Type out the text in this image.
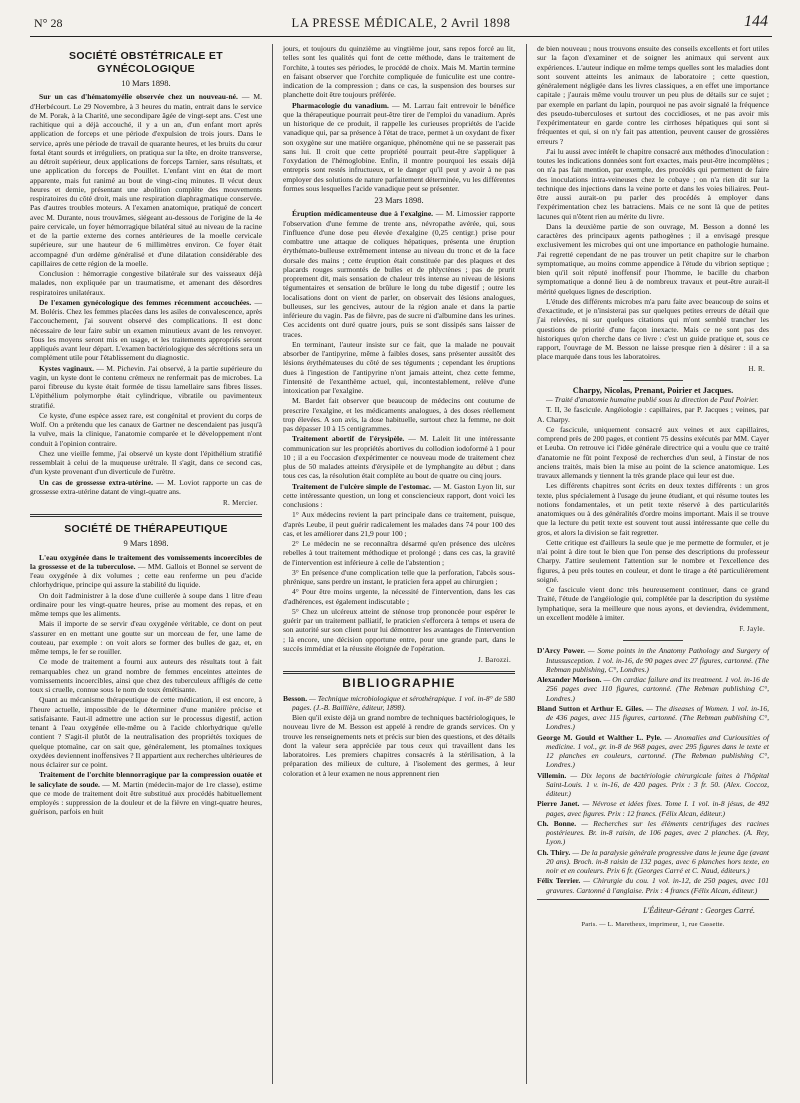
N° 28	LA PRESSE MÉDICALE, 2 Avril 1898	144
SOCIÉTÉ OBSTÉTRICALE ET GYNÉCOLOGIQUE
10 Mars 1898.

Sur un cas d'hématomyélie observée chez un nouveau-né. — M. d'Herbécourt. Le 29 Novembre, à 3 heures du matin, entrait dans le service de M. Porak, à la Charité, une secondipare âgée de vingt-sept ans. C'est une rachitique qui a déjà accouché, il y a un an, d'un enfant mort après application de forceps et une période d'expulsion de trois jours. Dans le service, après une période de travail de quarante heures, et les bruits du cœur fœtal étant sourds et irréguliers, on pratiqua sur la tête, en droite transverse, au détroit supérieur, deux applications de forceps Tarnier, sans résultats, et une application du forceps de Pouillet. L'enfant vint en état de mort apparente, mais fut ranimé au bout de vingt-cinq minutes. Il vécut deux heures et demie, présentant une abolition complète des mouvements respiratoires du côté droit, mais une respiration diaphragmatique conservée. Pas d'autres troubles moteurs. A l'examen anatomique, pratiqué de concert avec M. Durante, nous trouvâmes, siégeant au-dessous de l'origine de la 4e paire cervicale, un foyer hémorragique bilatéral situé au niveau de la racine et de la partie externe des cornes antérieures de la moelle cervicale supérieure, sur une hauteur de 6 millimètres environ. Ce foyer était accompagné d'un œdème généralisé et d'une dilatation considérable des capillaires de cette région de la moelle.

Conclusion : hémorragie congestive bilatérale sur des vaisseaux déjà malades, non expliquée par un traumatisme, et amenant des désordres respiratoires unilatéraux.

De l'examen gynécologique des femmes récemment accouchées. — M. Boléris. Chez les femmes placées dans les asiles de convalescence, après l'accouchement, j'ai souvent observé des complications. Il est donc nécessaire de leur faire subir un examen minutieux avant de les renvoyer. Tous les moyens seront mis en usage, et les traitements appropriés seront appliqués avant leur départ. L'examen bactériologique des sécrétions sera un complément utile pour l'établissement du diagnostic.

Kystes vaginaux. — M. Pichevin. J'ai observé, à la partie supérieure du vagin, un kyste dont le contenu crémeux ne renfermait pas de microbes. La paroi fibreuse du kyste était formée de tissu lamellaire sans fibres lisses. L'épithélium polymorphe était cylindrique, vibratile ou pavimenteux stratifié.

Ce kyste, d'une espèce assez rare, est congénital et provient du corps de Wolf. On a prétendu que les canaux de Gartner ne descendaient pas jusqu'à la vulve, mais la clinique, l'anatomie comparée et le développement n'ont conduit à l'opinion contraire.

Chez une vieille femme, j'ai observé un kyste dont l'épithélium stratifié ressemblait à celui de la muqueuse urétrale. Il s'agit, dans ce second cas, d'un kyste provenant d'un diverticule de l'urètre.

Un cas de grossesse extra-utérine. — M. Loviot rapporte un cas de grossesse extra-utérine datant de vingt-quatre ans.

R. Mercier.
SOCIÉTÉ DE THÉRAPEUTIQUE
9 Mars 1898.

L'eau oxygénée dans le traitement des vomissements incoercibles de la grossesse et de la tuberculose. — MM. Gallois et Bonnel se servent de l'eau oxygénée à dix volumes ; cette eau renferme un peu d'acide chlorhydrique, principe qui assure la stabilité du liquide.

On doit l'administrer à la dose d'une cuillerée à soupe dans 1 litre d'eau ordinaire pour les vingt-quatre heures, prise au moment des repas, et en même temps que les aliments.

Mais il importe de se servir d'eau oxygénée véritable, ce dont on peut s'assurer en en mettant une goutte sur un morceau de fer, une lame de couteau, par exemple : on voit alors se former des bulles de gaz, et, en même temps, le fer se rouiller.

Ce mode de traitement a fourni aux auteurs des résultats tout à fait remarquables chez un grand nombre de femmes enceintes atteintes de vomissements incoercibles, ainsi que chez des tuberculeux affligés de cette toux si cruelle, connue sous le nom de toux émétisante.

Quant au mécanisme thérapeutique de cette médication, il est encore, à l'heure actuelle, impossible de le déterminer d'une manière précise et satisfaisante. Faut-il admettre une action sur le processus digestif, action tenant à l'eau oxygénée elle-même ou à l'acide chlorhydrique qu'elle contient ? S'agit-il plutôt de la neutralisation des propriétés toxiques de quelque ptomaïne, car on sait que, généralement, les ptomaïnes toxiques oxydées deviennent inoffensives ? Il appartient aux recherches ultérieures de nous éclairer sur ce point.

Traitement de l'orchite blennorragique par la compression ouatée et le salicylate de soude. — M. Martin (médecin-major de 1re classe), estime que ce mode de traitement doit être substitué aux procédés habituellement employés : suppression de la douleur et de la fièvre en vingt-quatre heures, guérison, parfois en huit

jours, et toujours du quinzième au vingtième jour, sans repos forcé au lit, telles sont les qualités qui font de cette méthode, dans le traitement de l'orchite, à toutes ses périodes, le procédé de choix. Mais M. Martin termine en faisant observer que l'orchite compliquée de funiculite est une contre-indication de la compression ; dans ce cas, la suspension des bourses sur planchette doit être toujours préférée.

Pharmacologie du vanadium. — M. Larrau fait entrevoir le bénéfice que la thérapeutique pourrait peut-être tirer de l'emploi du vanadium. Après un historique de ce produit, il rappelle les curieuses propriétés de l'acide vanadique qui, par sa présence à l'état de trace, permet à un oxydant de fixer son oxygène sur une matière organique, phénomène qui ne se passerait pas sans lui. Il croit que cette propriété pourrait peut-être s'appliquer à l'oxydation de l'hémoglobine. Enfin, il montre pourquoi les essais déjà entrepris sont restés infructueux, et le danger qu'il peut y avoir à ne pas employer des solutions de nature parfaitement déterminée, vu les différentes formes sous lesquelles l'acide vanadique peut se présenter.

23 Mars 1898.

Éruption médicamenteuse due à l'exalgine. — M. Limossier rapporte l'observation d'une femme de trente ans, névropathe avérée, qui, sous l'influence d'une dose peu élevée d'exalgine (0,25 centigr.) prise pour combattre une attaque de coliques hépatiques, présenta une éruption érythémato-bulleuse extrêmement intense au niveau du tronc et de la face dorsale des mains ; cette éruption était constituée par des plaques et des placards rouges surmontés de bulles et de phlyctènes ; pas de prurit proprement dit, mais sensation de chaleur très intense au niveau de lésions tégumentaires et sensation de brûlure le long du tube digestif ; outre les localisations dont on vient de parler, on observait des lésions analogues, bulleuses, sur les gencives, autour de la région anale et dans la partie inférieure du vagin. Pas de fièvre, pas de sucre ni d'albumine dans les urines. Ces accidents ont duré quatre jours, puis se sont dissipés sans laisser de traces.

En terminant, l'auteur insiste sur ce fait, que la malade ne pouvait absorber de l'antipyrine, même à faibles doses, sans présenter aussitôt des lésions érythémateuses du côté de ses téguments ; cependant les éruptions dues à l'ingestion de l'antipyrine n'ont jamais atteint, chez cette femme, l'intensité de l'exanthème actuel, qui, incontestablement, relève d'une intoxication par l'exalgine.

M. Bardet fait observer que beaucoup de médecins ont coutume de prescrire l'exalgine, et les médicaments analogues, à des doses réellement trop élevées. A son avis, la dose habituelle, surtout chez la femme, ne doit pas dépasser 10 à 15 centigrammes.

Traitement abortif de l'érysipèle. — M. Laleit lit une intéressante communication sur les propriétés abortives du collodion iodoformé à 1 pour 10 ; il a eu l'occasion d'expérimenter ce nouveau mode de traitement chez plus de 50 malades atteints d'érysipèle et de lymphangite au début ; dans tous ces cas, la résolution était complète au bout de quatre ou cinq jours.

Traitement de l'ulcère simple de l'estomac. — M. Gaston Lyon lit, sur cette intéressante question, un long et consciencieux rapport, dont voici les conclusions :

1° Aux médecins revient la part principale dans ce traitement, puisque, d'après Leube, il peut guérir radicalement les malades dans 74 pour 100 des cas, et les améliorer dans 21,9 pour 100 ;

2° Le médecin ne se reconnaîtra désarmé qu'en présence des ulcères rebelles à tout traitement méthodique et prolongé ; dans ces cas, la gravité de l'intervention est inférieure à celle de l'abstention ;

3° En présence d'une complication telle que la perforation, l'abcès sous-phrénique, sans perdre un instant, le praticien fera appel au chirurgien ;

4° Pour être moins urgente, la nécessité de l'intervention, dans les cas d'adhérences, est également indiscutable ;

5° Chez un ulcéreux atteint de sténose trop prononcée pour espérer le guérir par un traitement palliatif, le praticien s'efforcera à temps et usera de son autorité sur son client pour lui démontrer les avantages de l'intervention ; là encore, une décision opportune entre, pour une grande part, dans le succès immédiat et la réussite éloignée de l'opération.

J. Barozzi.
BIBLIOGRAPHIE

Besson. — Technique microbiologique et sérothérapique. 1 vol. in-8° de 580 pages. (J.-B. Baillière, éditeur, 1898).

Bien qu'il existe déjà un grand nombre de techniques bactériologiques, le nouveau livre de M. Besson est appelé à rendre de grands services. On y trouve les renseignements nets et précis sur bien des questions, et des détails dont la valeur sera appréciée par tous ceux qui travaillent dans les laboratoires. Les premiers chapitres consacrés à la stérilisation, à la préparation des milieux de culture, à l'isolement des germes, à leur coloration et à leur examen ne nous apprennent rien

de bien nouveau ; nous trouvons ensuite des conseils excellents et fort utiles sur la façon d'examiner et de soigner les animaux qui servent aux expériences. L'auteur indique en même temps quelles sont les maladies dont sont souvent atteints les animaux de laboratoire ; cette question, généralement négligée dans les livres classiques, a en effet une importance capitale ; j'aurais même voulu trouver un peu plus de détails sur ce sujet ; par exemple en parlant du lapin, pourquoi ne pas avoir signalé la fréquence des pseudo-tuberculoses et surtout des coccidioses, et ne pas avoir mis l'expérimentateur en garde contre les cirrhoses hépatiques qui sont si fréquentes et qui, si on n'y fait pas attention, peuvent causer de grossières erreurs ?

J'ai lu aussi avec intérêt le chapitre consacré aux méthodes d'inoculation : toutes les indications données sont fort exactes, mais peut-être incomplètes ; on n'a pas fait mention, par exemple, des procédés qui permettent de faire des inoculations intra-veineuses chez le cobaye ; on n'a rien dit sur la technique des injections dans la veine porte et dans les voies biliaires. Peut-être aussi aurait-on pu parler des procédés à employer dans l'expérimentation chez les batraciens. Mais ce ne sont là que de petites lacunes qui n'ôtent rien au mérite du livre.

Dans la deuxième partie de son ouvrage, M. Besson a donné les caractères des principaux agents pathogènes ; il a envisagé presque exclusivement les microbes qui ont une importance en pathologie humaine. J'ai regretté cependant de ne pas trouver un petit chapitre sur le charbon symptomatique, au moins comme appendice à l'étude du vibrion septique ; bien qu'il soit réputé inoffensif pour l'homme, le bacille du charbon symptomatique a donné lieu à de nombreux travaux et peut-être aurait-il mérité quelques lignes de description.

L'étude des différents microbes m'a paru faite avec beaucoup de soins et d'exactitude, et je n'insisterai pas sur quelques petites erreurs de détail que j'ai relevées, ni sur quelques citations qui m'ont semblé trancher les questions de priorité d'une façon inexacte. Mais ce ne sont pas des historiques qu'on cherche dans ce livre : c'est un guide pratique et, sous ce rapport, l'ouvrage de M. Besson ne laisse presque rien à désirer : il a sa place marquée dans tous les laboratoires.

H. R.
Charpy, Nicolas, Prenant, Poirier et Jacques.

— Traité d'anatomie humaine publié sous la direction de Paul Poirier.

T. II, 3e fascicule. Angéiologie : capillaires, par P. Jacques ; veines, par A. Charpy.

Ce fascicule, uniquement consacré aux veines et aux capillaires, comprend près de 200 pages, et contient 75 dessins exécutés par MM. Cayer et Leuba. On retrouve ici l'idée générale directrice qui a voulu que ce traité d'anatomie ne fût point l'exposé de recherches d'un seul, à l'instar de nos anciens traités, mais bien la mise au point de la science anatomique. Les travaux allemands y tiennent la très grande place qui leur est due.

Les différents chapitres sont écrits en deux textes différents : un gros texte, plus spécialement à l'usage du jeune étudiant, et qui résume toutes les notions fondamentales, et un petit texte réservé à des particularités anatomiques ou à des généralités d'ordre moins important. Mais il se trouve que la lecture du petit texte est souvent tout aussi intéressante que celle du gros, et alors la division se fait regretter.

Cette critique est d'ailleurs la seule que je me permette de formuler, et je n'ai point à dire tout le bien que l'on pense des descriptions du professeur Charpy. J'attire seulement l'attention sur le nombre et l'excellence des figures, à peu près toutes en couleur, et dont le tirage a été particulièrement soigné.

Ce fascicule vient donc très heureusement continuer, dans ce grand Traité, l'étude de l'angéiologie qui, complétée par la description du système lymphatique, sera la meilleure que nous ayons, et deviendra, évidemment, un excellent modèle à imiter.

F. Jayle.

D'Arcy Power. — Some points in the Anatomy Pathology and Surgery of Intussusception. 1 vol. in-16, de 90 pages avec 27 figures, cartonné. (The Rebman publishing, C°, Londres.)

Alexander Morison. — On cardiac failure and its treatment. 1 vol. in-16 de 256 pages avec 110 figures, cartonné. (The Rebman publishing C°, Londres.)

Bland Sutton et Arthur E. Giles. — The diseases of Women. 1 vol. in-16, de 436 pages, avec 115 figures, cartonné. (The Rebman publishing C°, Londres.)

George M. Gould et Walther L. Pyle. — Anomalies and Curiousities of medicine. 1 vol., gr. in-8 de 968 pages, avec 295 figures dans le texte et 12 planches en couleurs, cartonné. (The Rebman publishing C°, Londres.)

Villemin. — Dix leçons de bactériologie chirurgicale faites à l'hôpital Saint-Louis. 1 v. in-16, de 420 pages. Prix : 3 fr. 50. (Alex. Coccoz, éditeur.)

Pierre Janet. — Névrose et idées fixes. Tome I. 1 vol. in-8 jésus, de 492 pages, avec figures. Prix : 12 francs. (Félix Alcan, éditeur.)

Ch. Bonne. — Recherches sur les éléments centrifuges des racines postérieures. Br. in-8 raisin, de 106 pages, avec 2 planches. (A. Rey, Lyon.)

Ch. Thiry. — De la paralysie générale progressive dans le jeune âge (avant 20 ans). Broch. in-8 raisin de 132 pages, avec 6 planches hors texte, en noir et en couleurs. Prix 6 fr. (Georges Carré et C. Naud, éditeurs.)

Félix Terrier. — Chirurgie du cou. 1 vol. in-12, de 250 pages, avec 101 gravures. Cartonné à l'anglaise. Prix : 4 francs (Félix Alcan, éditeur.)

L'Éditeur-Gérant : Georges Carré.
Paris. — L. Maretheux, imprimeur, 1, rue Cassette.
